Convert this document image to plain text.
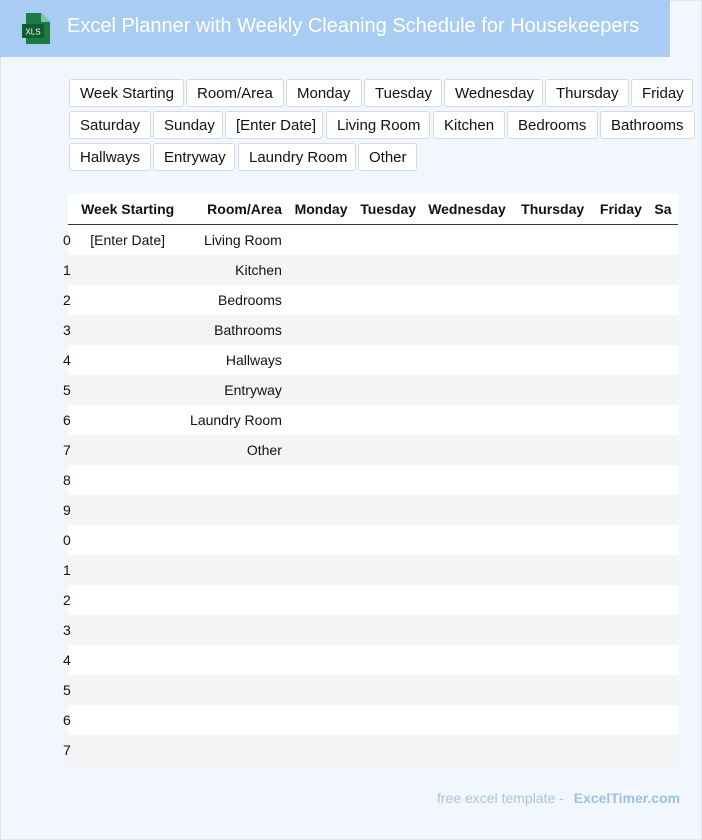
XLS Excel Planner with Weekly Cleaning Schedule for Housekeepers
Week Starting	Room/Area	Monday	Tuesday	Wednesday	Thursday	Friday
Saturday	Sunday	[Enter Date]	Living Room	Kitchen	Bedrooms	Bathrooms
Hallways	Entryway	Laundry Room	Other
	Week Starting	Room/Area	Monday	Tuesday	Wednesday	Thursday	Friday	Sa
0	[Enter Date]	Living Room						
1		Kitchen						
2		Bedrooms						
3		Bathrooms						
4		Hallways						
5		Entryway						
6		Laundry Room						
7		Other						
8								
9								
0								
1								
2								
3								
4								
5								
6								
7								
free excel template - ExcelTimer.com
